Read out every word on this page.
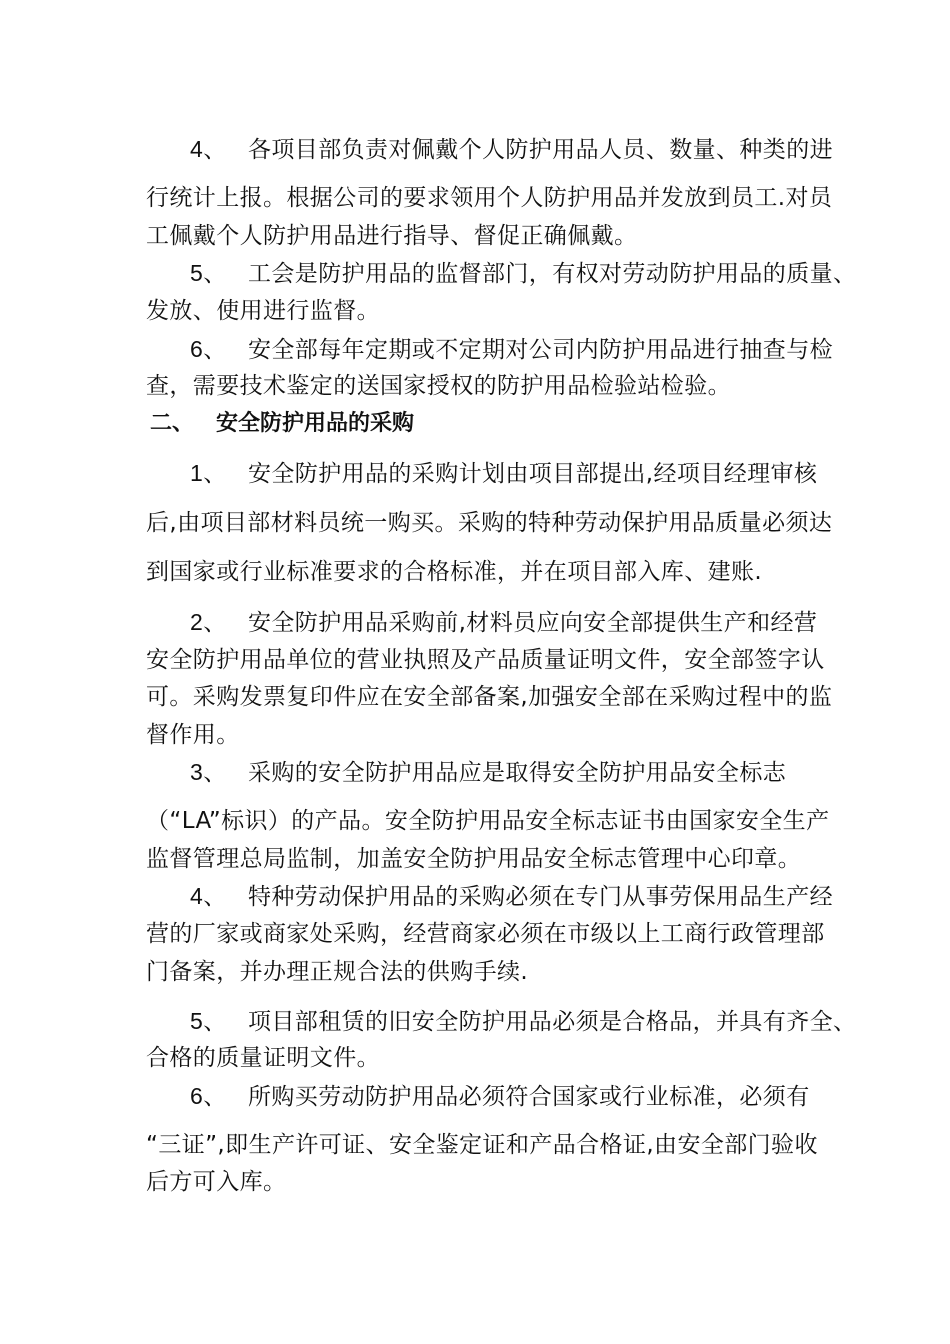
4、 各项目部负责对佩戴个人防护用品人员、数量、种类的进
行统计上报。根据公司的要求领用个人防护用品并发放到员工.对员
工佩戴个人防护用品进行指导、督促正确佩戴。
5、 工会是防护用品的监督部门，有权对劳动防护用品的质量、
发放、使用进行监督。
6、 安全部每年定期或不定期对公司内防护用品进行抽查与检
查，需要技术鉴定的送国家授权的防护用品检验站检验。
二、 安全防护用品的采购
1、 安全防护用品的采购计划由项目部提出,经项目经理审核
后,由项目部材料员统一购买。采购的特种劳动保护用品质量必须达
到国家或行业标准要求的合格标准，并在项目部入库、建账.
2、 安全防护用品采购前,材料员应向安全部提供生产和经营
安全防护用品单位的营业执照及产品质量证明文件，安全部签字认
可。采购发票复印件应在安全部备案,加强安全部在采购过程中的监
督作用。
3、 采购的安全防护用品应是取得安全防护用品安全标志
（“LA”标识）的产品。安全防护用品安全标志证书由国家安全生产
监督管理总局监制，加盖安全防护用品安全标志管理中心印章。
4、 特种劳动保护用品的采购必须在专门从事劳保用品生产经
营的厂家或商家处采购，经营商家必须在市级以上工商行政管理部
门备案，并办理正规合法的供购手续.
5、 项目部租赁的旧安全防护用品必须是合格品，并具有齐全、
合格的质量证明文件。
6、 所购买劳动防护用品必须符合国家或行业标准，必须有
“三证”,即生产许可证、安全鉴定证和产品合格证,由安全部门验收
后方可入库。
